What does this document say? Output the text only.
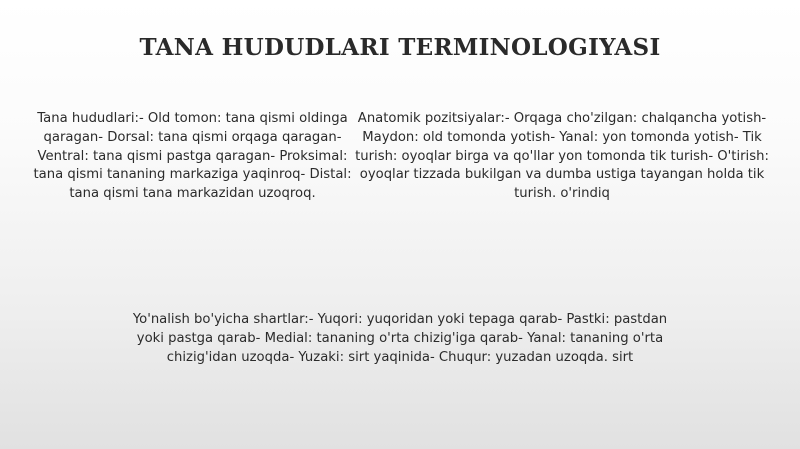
TANA HUDUDLARI TERMINOLOGIYASI

Tana hududlari:- Old tomon: tana qismi oldinga qaragan- Dorsal: tana qismi orqaga qaragan- Ventral: tana qismi pastga qaragan- Proksimal: tana qismi tananing markaziga yaqinroq- Distal: tana qismi tana markazidan uzoqroq.

Anatomik pozitsiyalar:- Orqaga cho'zilgan: chalqancha yotish- Maydon: old tomonda yotish- Yanal: yon tomonda yotish- Tik turish: oyoqlar birga va qo'llar yon tomonda tik turish- O'tirish: oyoqlar tizzada bukilgan va dumba ustiga tayangan holda tik turish. o'rindiq

Yo'nalish bo'yicha shartlar:- Yuqori: yuqoridan yoki tepaga qarab- Pastki: pastdan yoki pastga qarab- Medial: tananing o'rta chizig'iga qarab- Yanal: tananing o'rta chizig'idan uzoqda- Yuzaki: sirt yaqinida- Chuqur: yuzadan uzoqda. sirt
